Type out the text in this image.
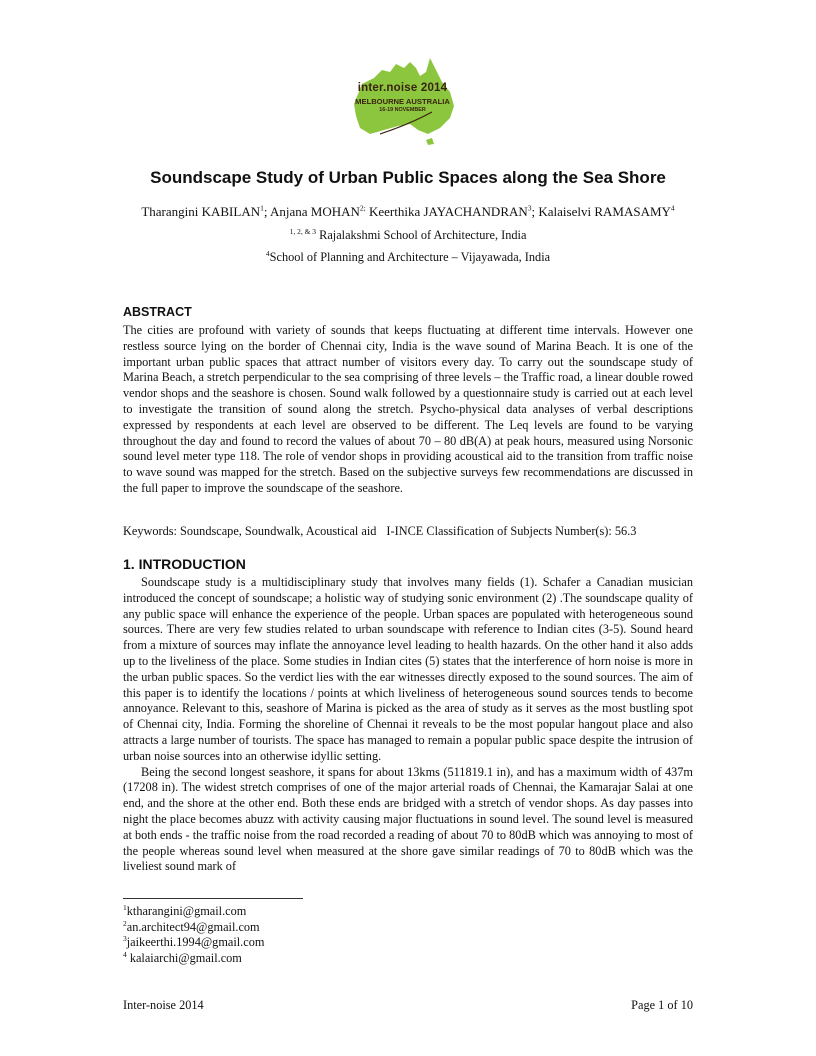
inter.noise 2014
MELBOURNE AUSTRALIA
16-19 NOVEMBER
Soundscape Study of Urban Public Spaces along the Sea Shore
Tharangini KABILAN$^1$; Anjana $MOHAN^{2;}$ Keerthika JAYACHANDRAN$^3$; Kalaiselvi RAMASAMY$^4$
$^{1, 2, \& 3}$ Rajalakshmi School of Architecture, India
$^4$School of Planning and Architecture – Vijayawada, India
ABSTRACT

The cities are profound with variety of sounds that keeps fluctuating at different time intervals. However one restless source lying on the border of Chennai city, India is the wave sound of Marina Beach. It is one of the important urban public spaces that attract number of visitors every day. To carry out the soundscape study of Marina Beach, a stretch perpendicular to the sea comprising of three levels – the Traffic road, a linear double rowed vendor shops and the seashore is chosen. Sound walk followed by a questionnaire study is carried out at each level to investigate the transition of sound along the stretch. Psycho-physical data analyses of verbal descriptions expressed by respondents at each level are observed to be different. The Leq levels are found to be varying throughout the day and found to record the values of about 70 – 80 dB(A) at peak hours, measured using Norsonic sound level meter type 118. The role of vendor shops in providing acoustical aid to the transition from traffic noise to wave sound was mapped for the stretch. Based on the subjective surveys few recommendations are discussed in the full paper to improve the soundscape of the seashore.

Keywords: Soundscape, Soundwalk, Acoustical aid I-INCE Classification of Subjects Number(s): 56.3
1. INTRODUCTION

Soundscape study is a multidisciplinary study that involves many fields (1). Schafer a Canadian musician introduced the concept of soundscape; a holistic way of studying sonic environment (2) .The soundscape quality of any public space will enhance the experience of the people. Urban spaces are populated with heterogeneous sound sources. There are very few studies related to urban soundscape with reference to Indian cites (3-5). Sound heard from a mixture of sources may inflate the annoyance level leading to health hazards. On the other hand it also adds up to the liveliness of the place. Some studies in Indian cites (5) states that the interference of horn noise is more in the urban public spaces. So the verdict lies with the ear witnesses directly exposed to the sound sources. The aim of this paper is to identify the locations / points at which liveliness of heterogeneous sound sources tends to become annoyance. Relevant to this, seashore of Marina is picked as the area of study as it serves as the most bustling spot of Chennai city, India. Forming the shoreline of Chennai it reveals to be the most popular hangout place and also attracts a large number of tourists. The space has managed to remain a popular public space despite the intrusion of urban noise sources into an otherwise idyllic setting.

Being the second longest seashore, it spans for about 13kms (511819.1 in), and has a maximum width of 437m (17208 in). The widest stretch comprises of one of the major arterial roads of Chennai, the Kamarajar Salai at one end, and the shore at the other end. Both these ends are bridged with a stretch of vendor shops. As day passes into night the place becomes abuzz with activity causing major fluctuations in sound level. The sound level is measured at both ends - the traffic noise from the road recorded a reading of about 70 to 80dB which was annoying to most of the people whereas sound level when measured at the shore gave similar readings of 70 to 80dB which was the liveliest sound mark of

$^1$ktharangini@gmail.com
$^2$an.architect94@gmail.com
$^3$jaikeerthi.1994@gmail.com
$^4$ kalaiarchi@gmail.com
Inter-noise 2014	Page 1 of 10
